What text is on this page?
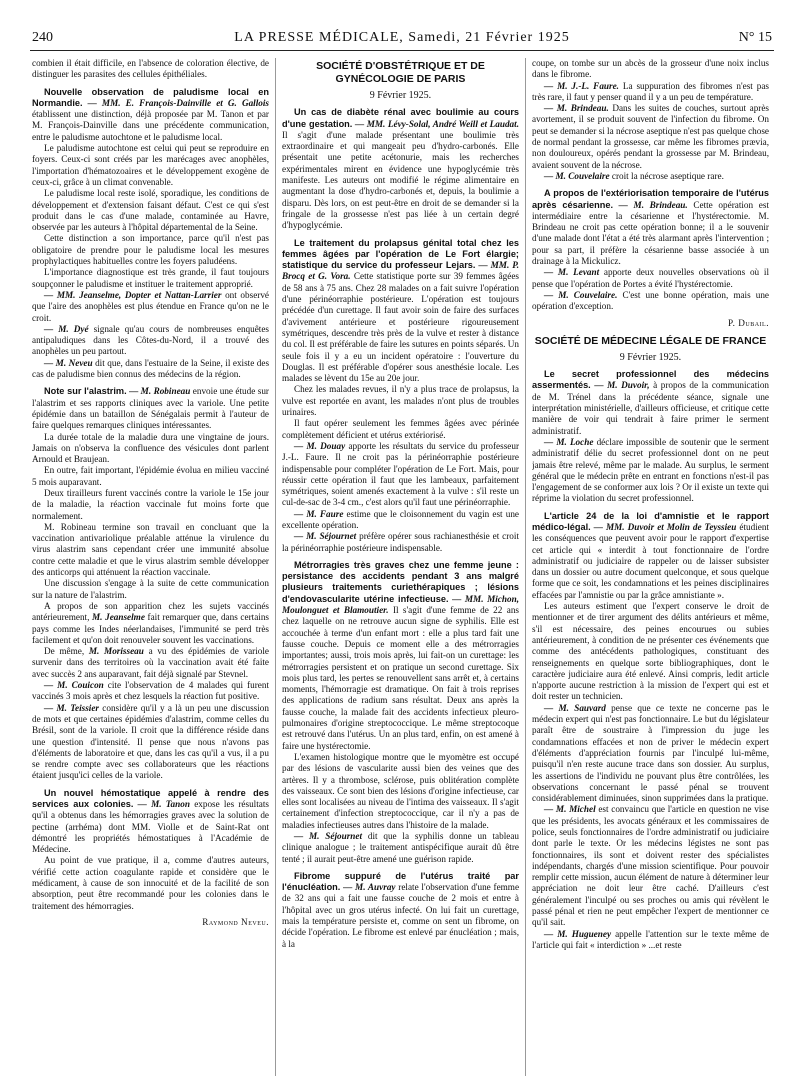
240	LA PRESSE MÉDICALE, Samedi, 21 Février 1925	N° 15

combien il était difficile, en l'absence de coloration élective, de distinguer les parasites des cellules épithéliales.

Nouvelle observation de paludisme local en Normandie. — MM. E. François-Dainville et G. Gallois établissent une distinction, déjà proposée par M. Tanon et par M. François-Dainville dans une précédente communication, entre le paludisme autochtone et le paludisme local.

Le paludisme autochtone est celui qui peut se reproduire en foyers. Ceux-ci sont créés par les marécages avec anophèles, l'importation d'hématozoaires et le développement exogène de ceux-ci, grâce à un climat convenable.

Le paludisme local reste isolé, sporadique, les conditions de développement et d'extension faisant défaut. C'est ce qui s'est produit dans le cas d'une malade, contaminée au Havre, observée par les auteurs à l'hôpital départemental de la Seine.

Cette distinction a son importance, parce qu'il n'est pas obligatoire de prendre pour le paludisme local les mesures prophylactiques habituelles contre les foyers paludéens.

L'importance diagnostique est très grande, il faut toujours soupçonner le paludisme et instituer le traitement approprié.

— MM. Jeanselme, Dopter et Nattan-Larrier ont observé que l'aire des anophèles est plus étendue en France qu'on ne le croit.

— M. Dyé signale qu'au cours de nombreuses enquêtes antipaludiques dans les Côtes-du-Nord, il a trouvé des anophèles un peu partout.

— M. Neveu dit que, dans l'estuaire de la Seine, il existe des cas de paludisme bien connus des médecins de la région.

Note sur l'alastrim. — M. Robineau envoie une étude sur l'alastrim et ses rapports cliniques avec la variole. Une petite épidémie dans un bataillon de Sénégalais permit à l'auteur de faire quelques remarques cliniques intéressantes.

La durée totale de la maladie dura une vingtaine de jours. Jamais on n'observa la confluence des vésicules dont parlent Arnould et Braujean.

En outre, fait important, l'épidémie évolua en milieu vacciné 5 mois auparavant.

Deux tirailleurs furent vaccinés contre la variole le 15e jour de la maladie, la réaction vaccinale fut moins forte que normalement.

M. Robineau termine son travail en concluant que la vaccination antivariolique préalable atténue la virulence du virus alastrim sans cependant créer une immunité absolue contre cette maladie et que le virus alastrim semble développer des anticorps qui atténuent la réaction vaccinale.

Une discussion s'engage à la suite de cette communication sur la nature de l'alastrim.

A propos de son apparition chez les sujets vaccinés antérieurement, M. Jeanselme fait remarquer que, dans certains pays comme les Indes néerlandaises, l'immunité se perd très facilement et qu'on doit renouveler souvent les vaccinations.

De même, M. Morisseau a vu des épidémies de variole survenir dans des territoires où la vaccination avait été faite avec succès 2 ans auparavant, fait déjà signalé par Stevnel.

— M. Couicon cite l'observation de 4 malades qui furent vaccinés 3 mois après et chez lesquels la réaction fut positive.

— M. Teissier considère qu'il y a là un peu une discussion de mots et que certaines épidémies d'alastrim, comme celles du Brésil, sont de la variole. Il croit que la différence réside dans une question d'intensité. Il pense que nous n'avons pas d'éléments de laboratoire et que, dans les cas qu'il a vus, il a pu se rendre compte avec ses collaborateurs que les réactions étaient jusqu'ici celles de la variole.

Un nouvel hémostatique appelé à rendre des services aux colonies. — M. Tanon expose les résultats qu'il a obtenus dans les hémorragies graves avec la solution de pectine (arrhéma) dont MM. Violle et de Saint-Rat ont démontré les propriétés hémostatiques à l'Académie de Médecine.

Au point de vue pratique, il a, comme d'autres auteurs, vérifié cette action coagulante rapide et considère que le médicament, à cause de son innocuité et de la facilité de son absorption, peut être recommandé pour les colonies dans le traitement des hémorragies.

Raymond Neveu.

SOCIÉTÉ D'OBSTÉTRIQUE ET DE GYNÉCOLOGIE DE PARIS
9 Février 1925.

Un cas de diabète rénal avec boulimie au cours d'une gestation. — MM. Lévy-Solal, André Weill et Laudat. Il s'agit d'une malade présentant une boulimie très extraordinaire et qui mangeait peu d'hydro-carbonés. Elle présentait une petite acétonurie, mais les recherches expérimentales mirent en évidence une hypoglycémie très manifeste. Les auteurs ont modifié le régime alimentaire en augmentant la dose d'hydro-carbonés et, depuis, la boulimie a disparu. Dès lors, on est peut-être en droit de se demander si la fringale de la grossesse n'est pas liée à un certain degré d'hypoglycémie.

Le traitement du prolapsus génital total chez les femmes âgées par l'opération de Le Fort élargie; statistique du service du professeur Lejars. — MM. P. Brocq et G. Vora. Cette statistique porte sur 39 femmes âgées de 58 ans à 75 ans. Chez 28 malades on a fait suivre l'opération d'une périnéorraphie postérieure. L'opération est toujours précédée d'un curettage. Il faut avoir soin de faire des surfaces d'avivement antérieure et postérieure rigoureusement symétriques, descendre très près de la vulve et rester à distance du col. Il est préférable de faire les sutures en points séparés. Un seule fois il y a eu un incident opératoire : l'ouverture du Douglas. Il est préférable d'opérer sous anesthésie locale. Les malades se lèvent du 15e au 20e jour.

Chez les malades revues, il n'y a plus trace de prolapsus, la vulve est reportée en avant, les malades n'ont plus de troubles urinaires.

Il faut opérer seulement les femmes âgées avec périnée complètement déficient et utérus extériorisé.

— M. Douay apporte les résultats du service du professeur J.-L. Faure. Il ne croit pas la périnéorraphie postérieure indispensable pour compléter l'opération de Le Fort. Mais, pour réussir cette opération il faut que les lambeaux, parfaitement symétriques, soient amenés exactement à la vulve : s'il reste un cul-de-sac de 3-4 cm., c'est alors qu'il faut une périnéorraphie.

— M. Faure estime que le cloisonnement du vagin est une excellente opération.

— M. Séjournet préfère opérer sous rachianesthésie et croit la périnéorraphie postérieure indispensable.

Métrorragies très graves chez une femme jeune : persistance des accidents pendant 3 ans malgré plusieurs traitements curiethérapiques ; lésions d'endovascularite utérine infectieuse. — MM. Michon, Moulonguet et Blamoutier. Il s'agit d'une femme de 22 ans chez laquelle on ne retrouve aucun signe de syphilis. Elle est accouchée à terme d'un enfant mort : elle a plus tard fait une fausse couche. Depuis ce moment elle a des métrorragies importantes; aussi, trois mois après, lui fait-on un curettage: les métrorragies persistent et on pratique un second curettage. Six mois plus tard, les pertes se renouvellent sans arrêt et, à certains moments, l'hémorragie est dramatique. On fait à trois reprises des applications de radium sans résultat. Deux ans après la fausse couche, la malade fait des accidents infectieux pleuro-pulmonaires d'origine streptococcique. Le même streptocoque est retrouvé dans l'utérus. Un an plus tard, enfin, on est amené à faire une hystérectomie.

L'examen histologique montre que le myomètre est occupé par des lésions de vascularite aussi bien des veines que des artères. Il y a thrombose, sclérose, puis oblitération complète des vaisseaux. Ce sont bien des lésions d'origine infectieuse, car elles sont localisées au niveau de l'intima des vaisseaux. Il s'agit certainement d'infection streptococcique, car il n'y a pas de maladies infectieuses autres dans l'histoire de la malade.

— M. Séjournet dit que la syphilis donne un tableau clinique analogue ; le traitement antispécifique aurait dû être tenté ; il aurait peut-être amené une guérison rapide.

Fibrome suppuré de l'utérus traité par l'énucléation. — M. Auvray relate l'observation d'une femme de 32 ans qui a fait une fausse couche de 2 mois et entre à l'hôpital avec un gros utérus infecté. On lui fait un curettage, mais la température persiste et, comme on sent un fibrome, on décide l'opération. Le fibrome est enlevé par énucléation ; mais, à la

coupe, on tombe sur un abcès de la grosseur d'une noix inclus dans le fibrome.

— M. J.-L. Faure. La suppuration des fibromes n'est pas très rare, il faut y penser quand il y a un peu de température.

— M. Brindeau. Dans les suites de couches, surtout après avortement, il se produit souvent de l'infection du fibrome. On peut se demander si la nécrose aseptique n'est pas quelque chose de normal pendant la grossesse, car même les fibromes prævia, non douloureux, opérés pendant la grossesse par M. Brindeau, avaient souvent de la nécrose.

— M. Couvelaire croit la nécrose aseptique rare.

A propos de l'extériorisation temporaire de l'utérus après césarienne. — M. Brindeau. Cette opération est intermédiaire entre la césarienne et l'hystérectomie. M. Brindeau ne croit pas cette opération bonne; il a le souvenir d'une malade dont l'état a été très alarmant après l'intervention ; pour sa part, il préfère la césarienne basse associée à un drainage à la Mickulicz.

— M. Levant apporte deux nouvelles observations où il pense que l'opération de Portes a évité l'hystérectomie.

— M. Couvelaire. C'est une bonne opération, mais une opération d'exception.

P. Dubail.

SOCIÉTÉ DE MÉDECINE LÉGALE DE FRANCE
9 Février 1925.

Le secret professionnel des médecins assermentés. — M. Duvoir, à propos de la communication de M. Trénel dans la précédente séance, signale une interprétation ministérielle, d'ailleurs officieuse, et critique cette manière de voir qui tendrait à faire primer le serment administratif.

— M. Loche déclare impossible de soutenir que le serment administratif délie du secret professionnel dont on ne peut jamais être relevé, même par le malade. Au surplus, le serment général que le médecin prête en entrant en fonctions n'est-il pas l'engagement de se conformer aux lois ? Or il existe un texte qui réprime la violation du secret professionnel.

L'article 24 de la loi d'amnistie et le rapport médico-légal. — MM. Duvoir et Molin de Teyssieu étudient les conséquences que peuvent avoir pour le rapport d'expertise cet article qui « interdit à tout fonctionnaire de l'ordre administratif ou judiciaire de rappeler ou de laisser subsister dans un dossier ou autre document quelconque, et sous quelque forme que ce soit, les condamnations et les peines disciplinaires effacées par l'amnistie ou par la grâce amnistiante ».

Les auteurs estiment que l'expert conserve le droit de mentionner et de tirer argument des délits antérieurs et même, s'il est nécessaire, des peines encourues ou subies antérieurement, à condition de ne présenter ces événements que comme des antécédents pathologiques, constituant des renseignements en quelque sorte bibliographiques, dont le caractère judiciaire aura été enlevé. Ainsi compris, ledit article n'apporte aucune restriction à la mission de l'expert qui est et doit rester un technicien.

— M. Sauvard pense que ce texte ne concerne pas le médecin expert qui n'est pas fonctionnaire. Le but du législateur paraît être de soustraire à l'impression du juge les condamnations effacées et non de priver le médecin expert d'éléments d'appréciation fournis par l'inculpé lui-même, puisqu'il n'en reste aucune trace dans son dossier. Au surplus, les assertions de l'individu ne pouvant plus être contrôlées, les observations concernant le passé pénal se trouvent considérablement diminuées, sinon supprimées dans la pratique.

— M. Michel est convaincu que l'article en question ne vise que les présidents, les avocats généraux et les commissaires de police, seuls fonctionnaires de l'ordre administratif ou judiciaire dont parle le texte. Or les médecins légistes ne sont pas fonctionnaires, ils sont et doivent rester des spécialistes indépendants, chargés d'une mission scientifique. Pour pouvoir remplir cette mission, aucun élément de nature à déterminer leur appréciation ne doit leur être caché. D'ailleurs c'est généralement l'inculpé ou ses proches ou amis qui révèlent le passé pénal et rien ne peut empêcher l'expert de mentionner ce qu'il sait.

— M. Hugueney appelle l'attention sur le texte même de l'article qui fait « interdiction » ...et reste
